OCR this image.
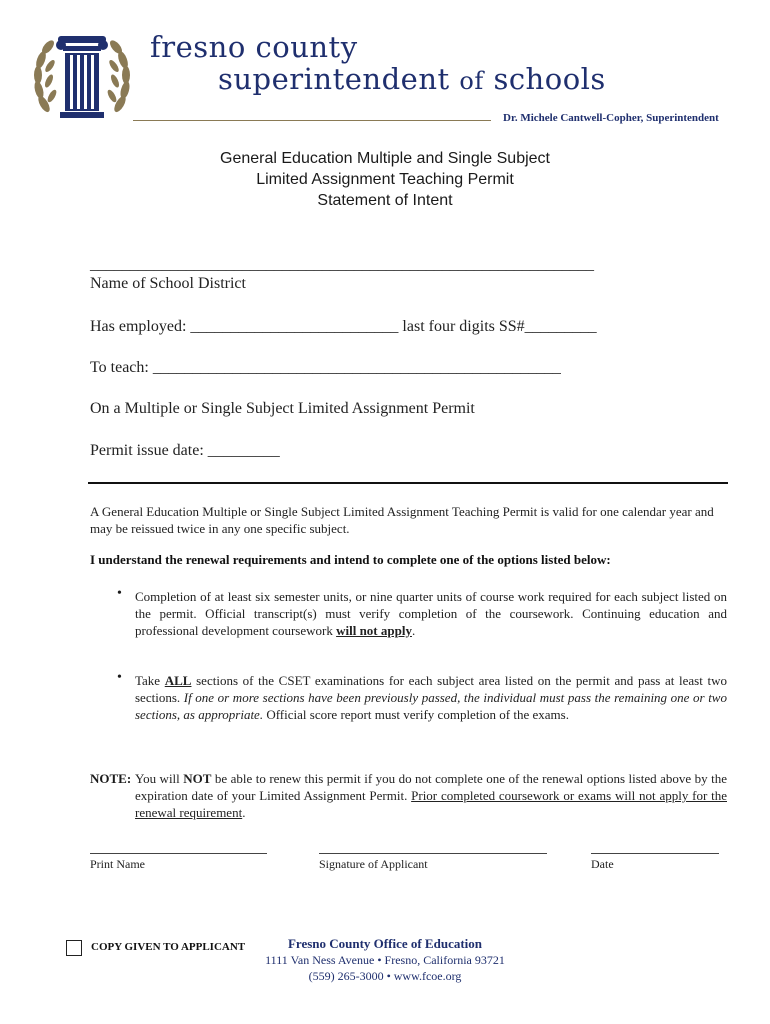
fresno county
superintendent of schools
Dr. Michele Cantwell-Copher, Superintendent
General Education Multiple and Single Subject
Limited Assignment Teaching Permit
Statement of Intent
_______________________________________________________________
Name of School District
Has employed: __________________________ last four digits SS#_________
To teach: ___________________________________________________
On a Multiple or Single Subject Limited Assignment Permit
Permit issue date: _________
A General Education Multiple or Single Subject Limited Assignment Teaching Permit is valid for one calendar year and may be reissued twice in any one specific subject.
I understand the renewal requirements and intend to complete one of the options listed below:
• Completion of at least six semester units, or nine quarter units of course work required for each subject listed on the permit. Official transcript(s) must verify completion of the coursework. Continuing education and professional development coursework will not apply.
• Take ALL sections of the CSET examinations for each subject area listed on the permit and pass at least two sections. If one or more sections have been previously passed, the individual must pass the remaining one or two sections, as appropriate. Official score report must verify completion of the exams.
NOTE: You will NOT be able to renew this permit if you do not complete one of the renewal options listed above by the expiration date of your Limited Assignment Permit. Prior completed coursework or exams will not apply for the renewal requirement.
Print Name	Signature of Applicant	Date
COPY GIVEN TO APPLICANT	Fresno County Office of Education
1111 Van Ness Avenue • Fresno, California 93721
(559) 265-3000 • www.fcoe.org
